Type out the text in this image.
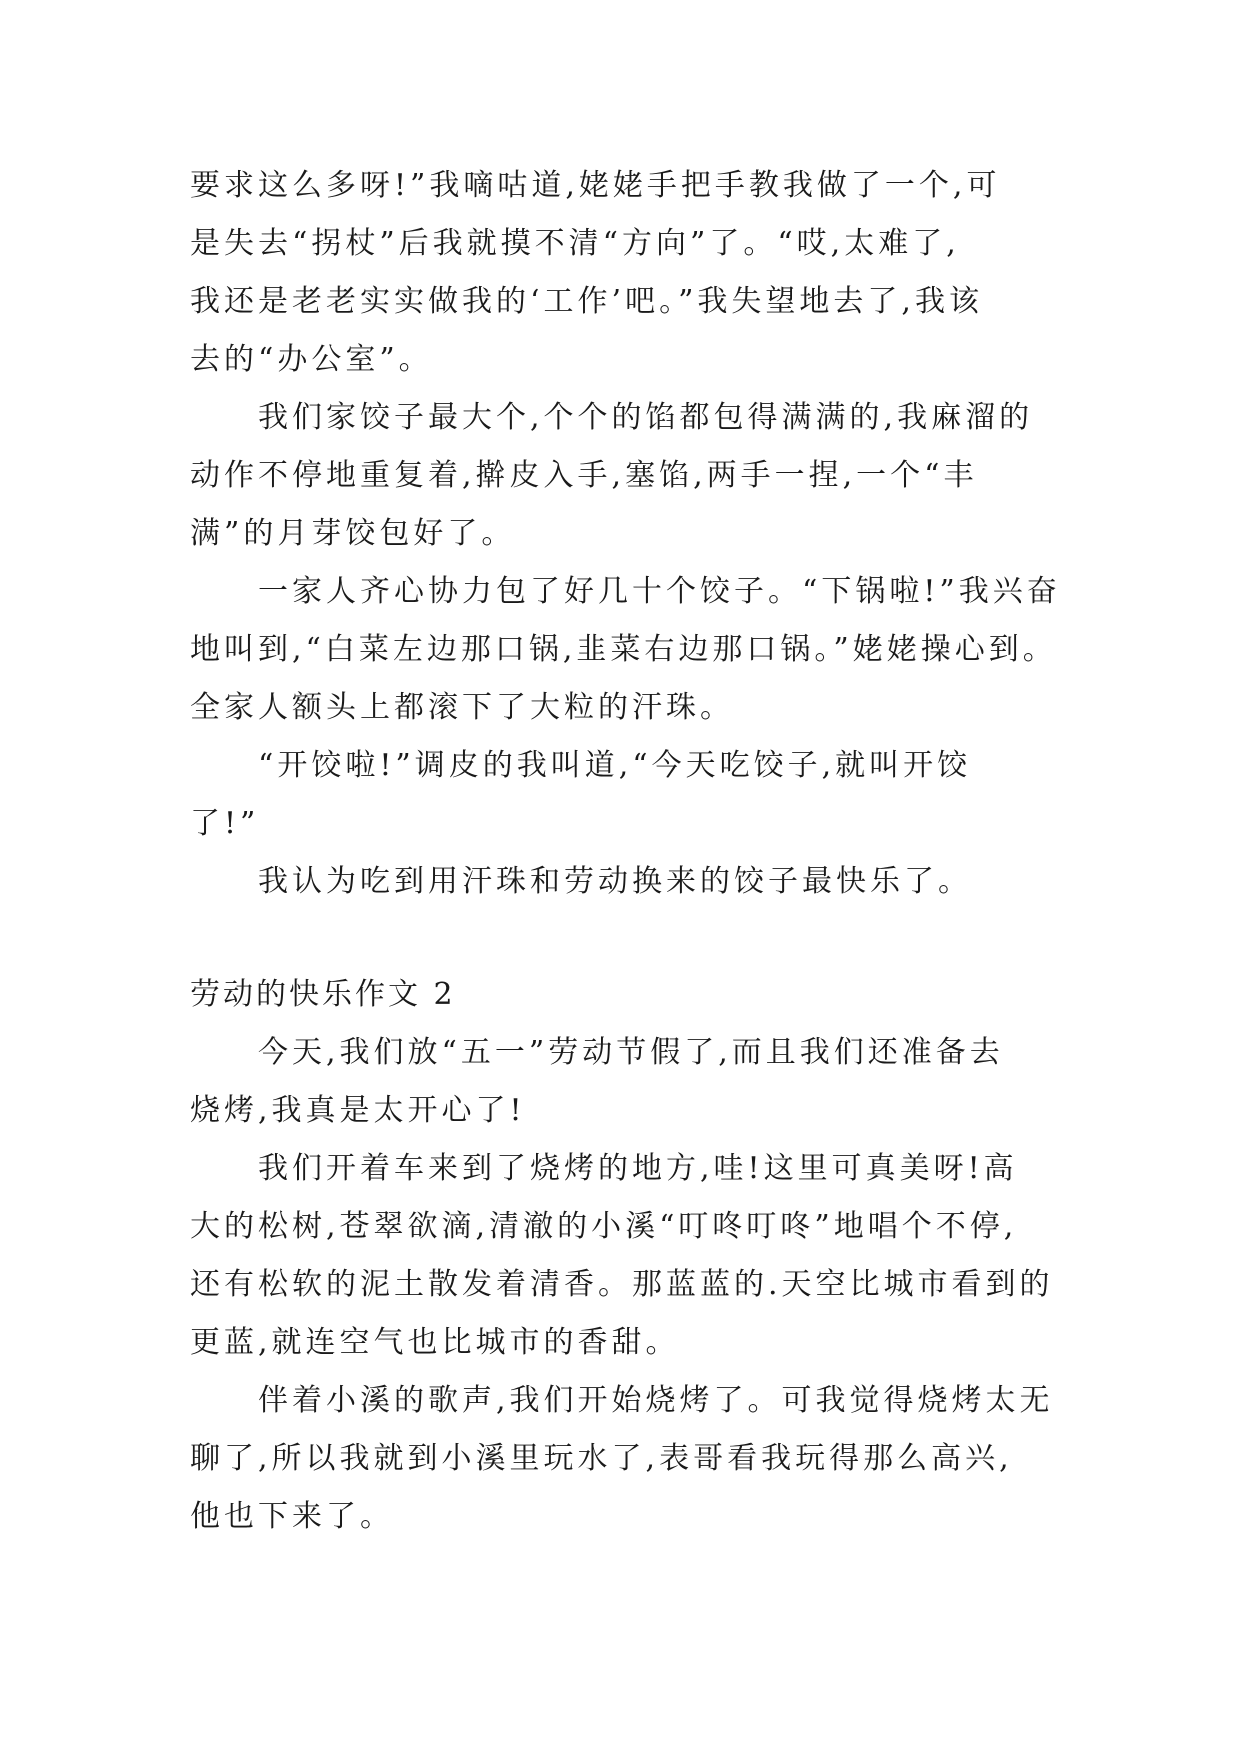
要求这么多呀!”我嘀咕道,姥姥手把手教我做了一个,可
是失去“拐杖”后我就摸不清“方向”了。“哎,太难了,
我还是老老实实做我的‘工作’吧。”我失望地去了,我该
去的“办公室”。
　　我们家饺子最大个,个个的馅都包得满满的,我麻溜的
动作不停地重复着,擀皮入手,塞馅,两手一捏,一个“丰
满”的月芽饺包好了。
　　一家人齐心协力包了好几十个饺子。“下锅啦!”我兴奋
地叫到,“白菜左边那口锅,韭菜右边那口锅。”姥姥操心到。
全家人额头上都滚下了大粒的汗珠。
　　“开饺啦!”调皮的我叫道,“今天吃饺子,就叫开饺
了!”
　　我认为吃到用汗珠和劳动换来的饺子最快乐了。
劳动的快乐作文 2
　　今天,我们放“五一”劳动节假了,而且我们还准备去
烧烤,我真是太开心了!
　　我们开着车来到了烧烤的地方,哇!这里可真美呀!高
大的松树,苍翠欲滴,清澈的小溪“叮咚叮咚”地唱个不停,
还有松软的泥土散发着清香。那蓝蓝的.天空比城市看到的
更蓝,就连空气也比城市的香甜。
　　伴着小溪的歌声,我们开始烧烤了。可我觉得烧烤太无
聊了,所以我就到小溪里玩水了,表哥看我玩得那么高兴,
他也下来了。
